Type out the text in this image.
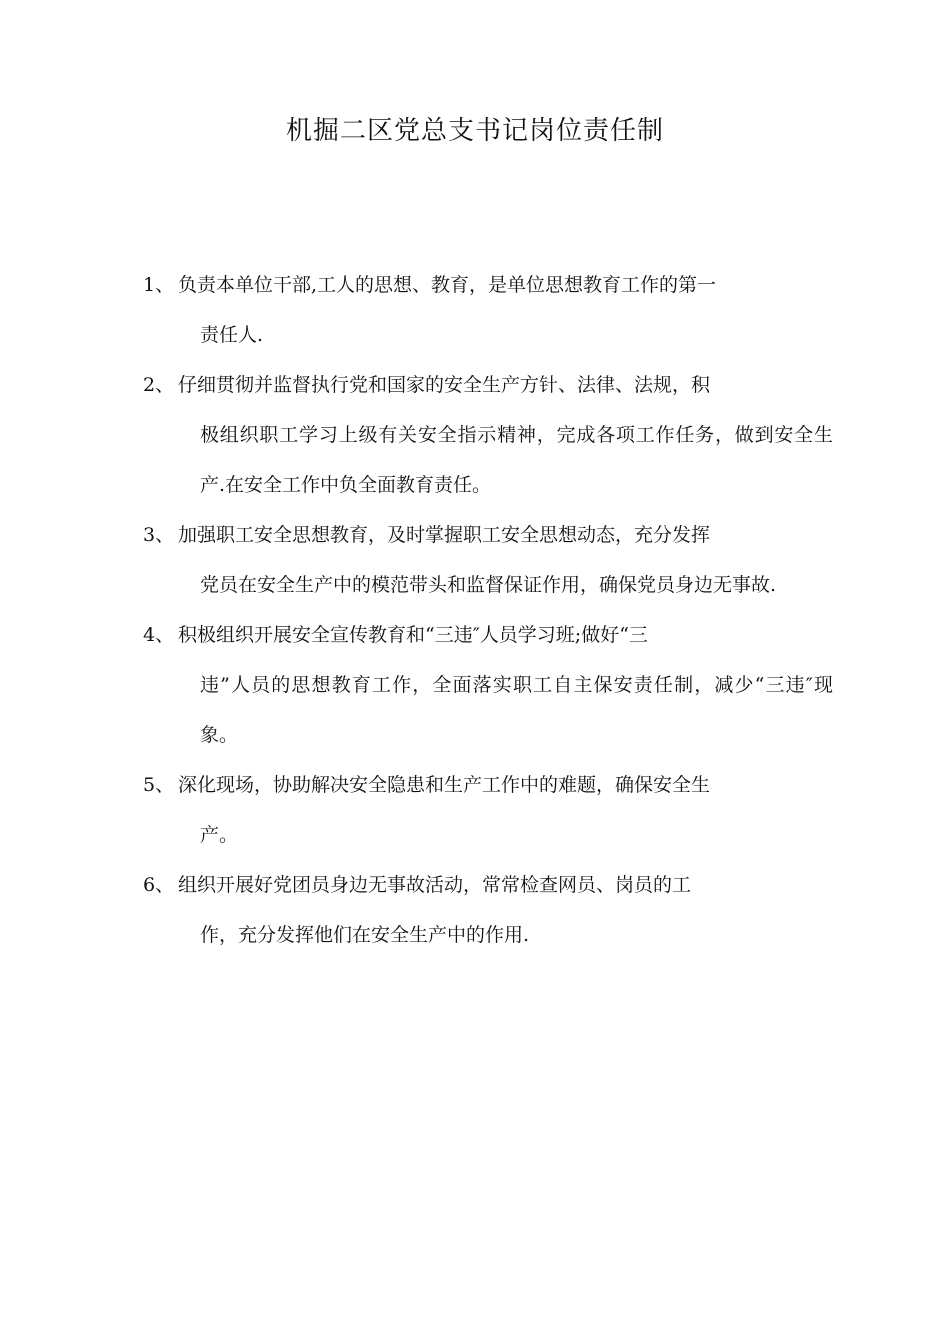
机掘二区党总支书记岗位责任制
1、 负责本单位干部,工人的思想、教育，是单位思想教育工作的第一
责任人.
2、 仔细贯彻并监督执行党和国家的安全生产方针、法律、法规，积
极组织职工学习上级有关安全指示精神，完成各项工作任务，做到安全生产.在安全工作中负全面教育责任。
3、 加强职工安全思想教育，及时掌握职工安全思想动态，充分发挥
党员在安全生产中的模范带头和监督保证作用，确保党员身边无事故.
4、 积极组织开展安全宣传教育和“三违″人员学习班;做好“三
违”人员的思想教育工作，全面落实职工自主保安责任制，减少“三违″现象。
5、 深化现场，协助解决安全隐患和生产工作中的难题，确保安全生
产。
6、 组织开展好党团员身边无事故活动，常常检查网员、岗员的工
作，充分发挥他们在安全生产中的作用.
